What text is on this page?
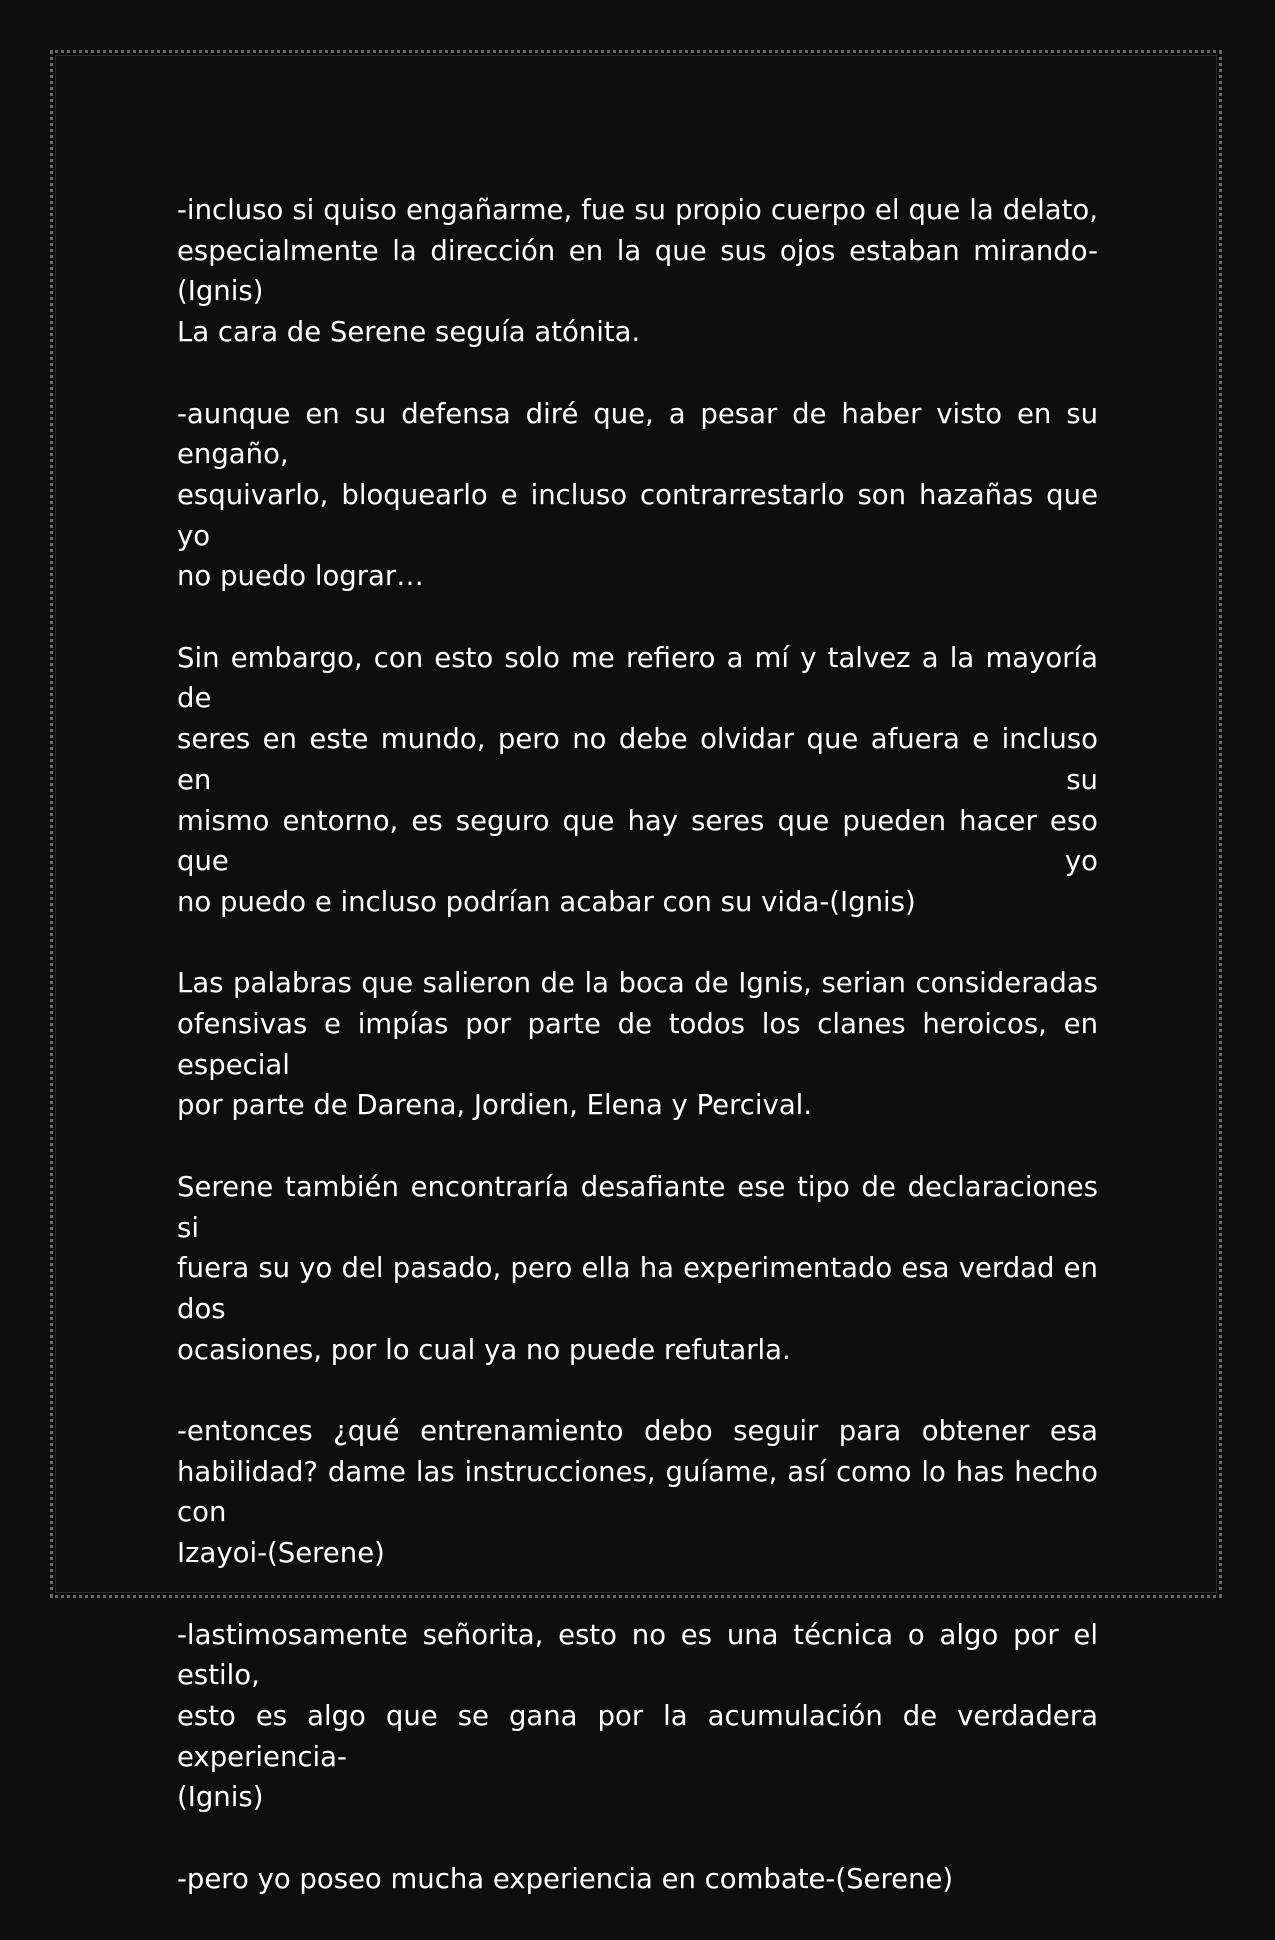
-incluso si quiso engañarme, fue su propio cuerpo el que la delato,
especialmente la dirección en la que sus ojos estaban mirando-(Ignis)
La cara de Serene seguía atónita.

-aunque en su defensa diré que, a pesar de haber visto en su engaño,
esquivarlo, bloquearlo e incluso contrarrestarlo son hazañas que yo
no puedo lograr…

Sin embargo, con esto solo me refiero a mí y talvez a la mayoría de
seres en este mundo, pero no debe olvidar que afuera e incluso en su
mismo entorno, es seguro que hay seres que pueden hacer eso que yo
no puedo e incluso podrían acabar con su vida-(Ignis)

Las palabras que salieron de la boca de Ignis, serian consideradas
ofensivas e impías por parte de todos los clanes heroicos, en especial
por parte de Darena, Jordien, Elena y Percival.

Serene también encontraría desafiante ese tipo de declaraciones si
fuera su yo del pasado, pero ella ha experimentado esa verdad en dos
ocasiones, por lo cual ya no puede refutarla.

-entonces ¿qué entrenamiento debo seguir para obtener esa
habilidad? dame las instrucciones, guíame, así como lo has hecho con
Izayoi-(Serene)

-lastimosamente señorita, esto no es una técnica o algo por el estilo,
esto es algo que se gana por la acumulación de verdadera experiencia-
(Ignis)

-pero yo poseo mucha experiencia en combate-(Serene)
